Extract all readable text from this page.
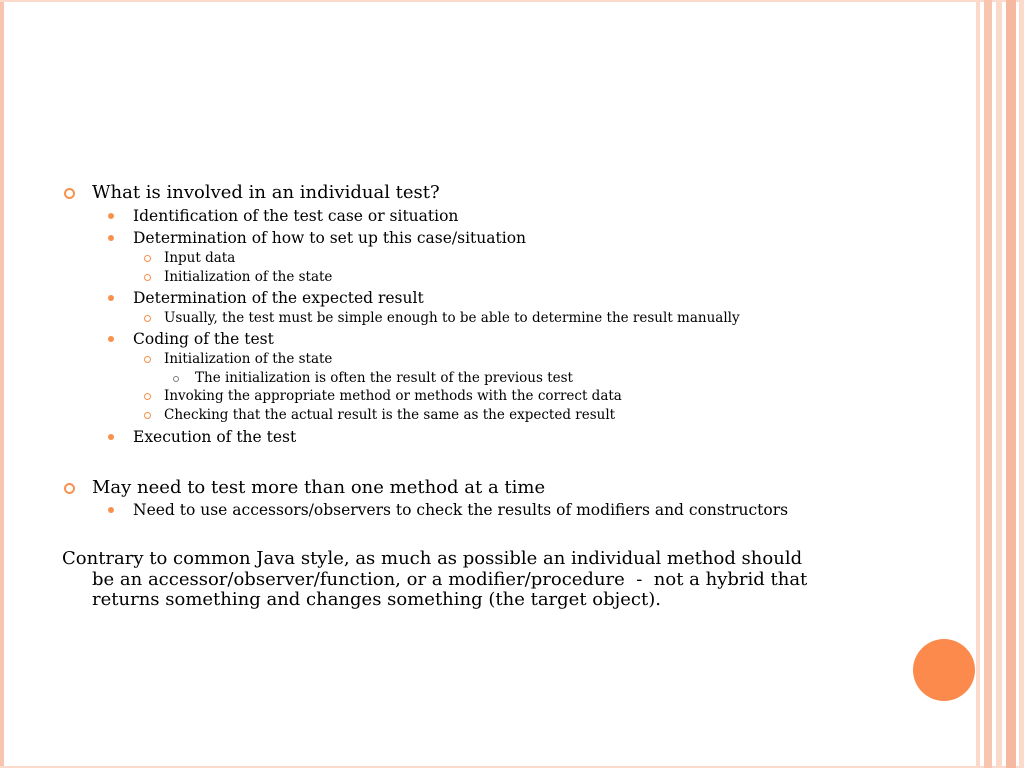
What is involved in an individual test?
Identification of the test case or situation
Determination of how to set up this case/situation
Input data
Initialization of the state
Determination of the expected result
Usually, the test must be simple enough to be able to determine the result manually
Coding of the test
Initialization of the state
The initialization is often the result of the previous test
Invoking the appropriate method or methods with the correct data
Checking that the actual result is the same as the expected result
Execution of the test
May need to test more than one method at a time
Need to use accessors/observers to check the results of modifiers and constructors
Contrary to common Java style, as much as possible an individual method should
be an accessor/observer/function, or a modifier/procedure  -  not a hybrid that
returns something and changes something (the target object).
